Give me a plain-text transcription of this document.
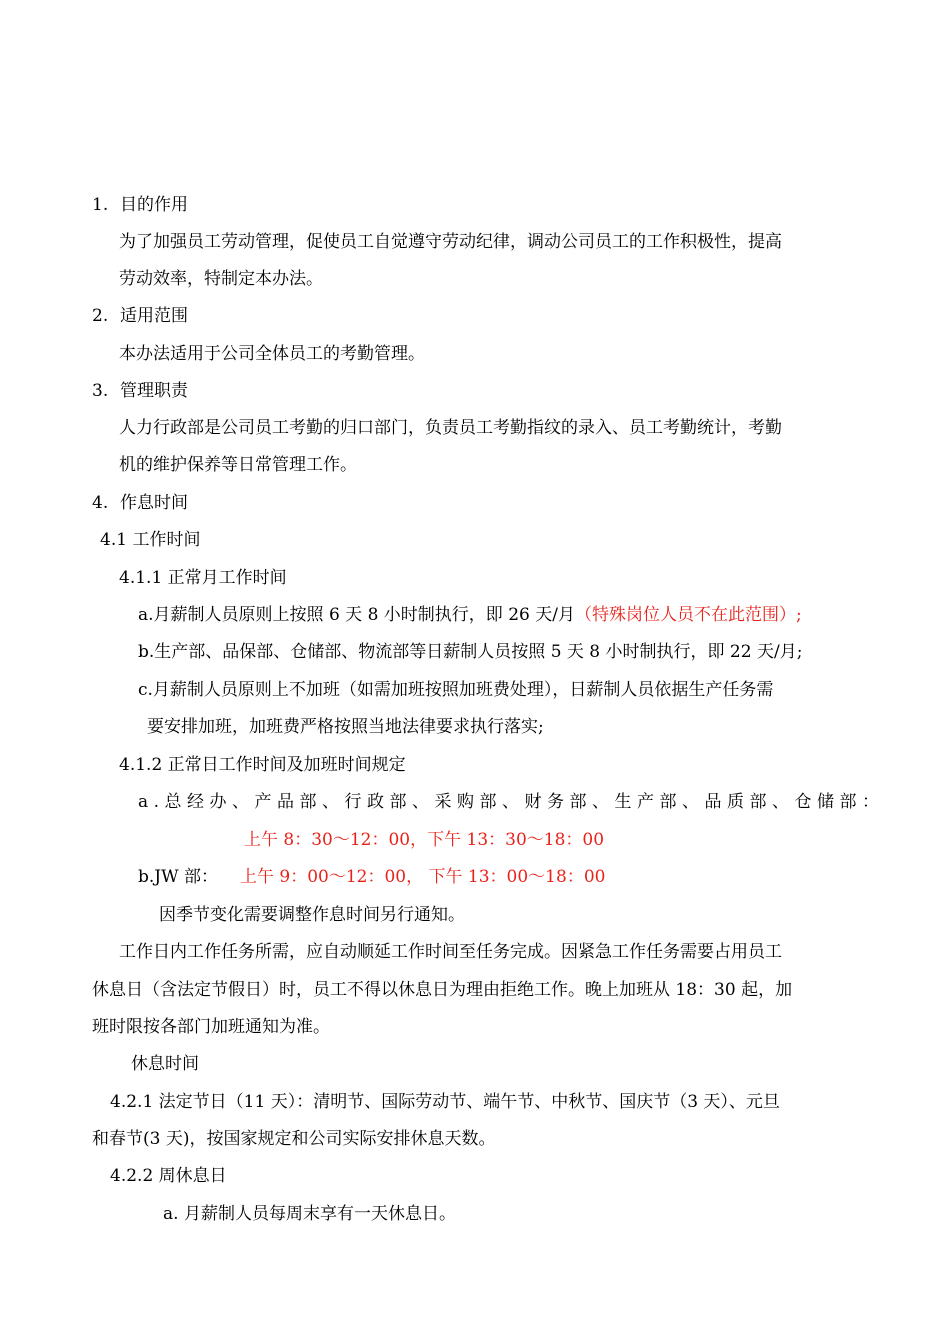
1. 目的作用
为了加强员工劳动管理，促使员工自觉遵守劳动纪律，调动公司员工的工作积极性，提高
劳动效率，特制定本办法。
2. 适用范围
本办法适用于公司全体员工的考勤管理。
3. 管理职责
人力行政部是公司员工考勤的归口部门，负责员工考勤指纹的录入、员工考勤统计，考勤
机的维护保养等日常管理工作。
4. 作息时间
4.1 工作时间
4.1.1 正常月工作时间
a.月薪制人员原则上按照 6 天 8 小时制执行，即 26 天/月（特殊岗位人员不在此范围）;
b.生产部、品保部、仓储部、物流部等日薪制人员按照 5 天 8 小时制执行，即 22 天/月;
c.月薪制人员原则上不加班（如需加班按照加班费处理），日薪制人员依据生产任务需
要安排加班，加班费严格按照当地法律要求执行落实;
4.1.2 正常日工作时间及加班时间规定
a.总经办、产品部、行政部、采购部、财务部、生产部、品质部、仓储部：
上午 8：30～12：00，下午 13：30～18：00
b.JW 部： 上午 9：00～12：00， 下午 13：00～18：00
因季节变化需要调整作息时间另行通知。
工作日内工作任务所需，应自动顺延工作时间至任务完成。因紧急工作任务需要占用员工
休息日（含法定节假日）时，员工不得以休息日为理由拒绝工作。晚上加班从 18：30 起，加
班时限按各部门加班通知为准。
休息时间
4.2.1 法定节日（11 天）：清明节、国际劳动节、端午节、中秋节、国庆节（3 天）、元旦
和春节(3 天)，按国家规定和公司实际安排休息天数。
4.2.2 周休息日
a. 月薪制人员每周末享有一天休息日。
